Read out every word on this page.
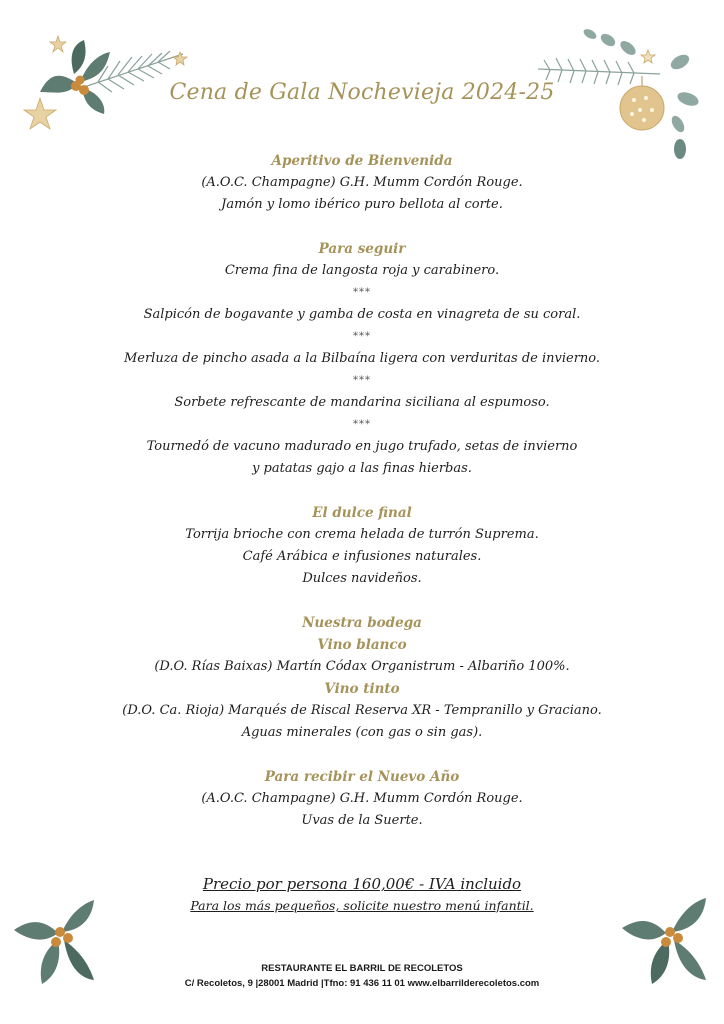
Cena de Gala Nochevieja 2024-25
Aperitivo de Bienvenida
(A.O.C. Champagne) G.H. Mumm Cordón Rouge.
Jamón y lomo ibérico puro bellota al corte.
Para seguir
Crema fina de langosta roja y carabinero.
***
Salpicón de bogavante y gamba de costa en vinagreta de su coral.
***
Merluza de pincho asada a la Bilbaína ligera con verduritas de invierno.
***
Sorbete refrescante de mandarina siciliana al espumoso.
***
Tournedó de vacuno madurado en jugo trufado, setas de invierno
y patatas gajo a las finas hierbas.
El dulce final
Torrija brioche con crema helada de turrón Suprema.
Café Arábica e infusiones naturales.
Dulces navideños.
Nuestra bodega
Vino blanco
(D.O. Rías Baixas) Martín Códax Organistrum - Albariño 100%.
Vino tinto
(D.O. Ca. Rioja) Marqués de Riscal Reserva XR - Tempranillo y Graciano.
Aguas minerales (con gas o sin gas).
Para recibir el Nuevo Año
(A.O.C. Champagne) G.H. Mumm Cordón Rouge.
Uvas de la Suerte.
Precio por persona 160,00€ - IVA incluido
Para los más pequeños, solicite nuestro menú infantil.
RESTAURANTE EL BARRIL DE RECOLETOS
C/ Recoletos, 9 |28001 Madrid |Tfno: 91 436 11 01 www.elbarrilderecoletos.com
